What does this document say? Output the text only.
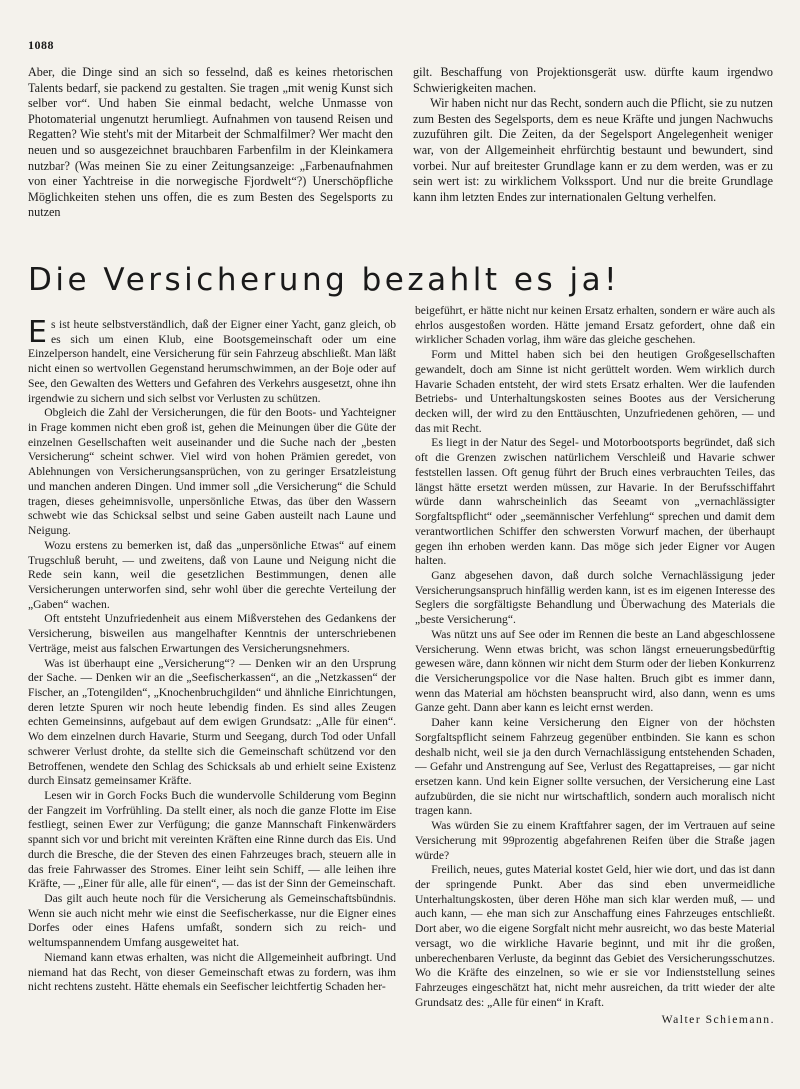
1088

Aber, die Dinge sind an sich so fesselnd, daß es keines rhetorischen Talents bedarf, sie packend zu gestalten. Sie tragen „mit wenig Kunst sich selber vor“. Und haben Sie einmal bedacht, welche Unmasse von Photomaterial ungenutzt herumliegt. Aufnahmen von tausend Reisen und Regatten? Wie steht's mit der Mitarbeit der Schmalfilmer? Wer macht den neuen und so ausgezeichnet brauchbaren Farbenfilm in der Kleinkamera nutzbar? (Was meinen Sie zu einer Zeitungsanzeige: „Farbenaufnahmen von einer Yachtreise in die norwegische Fjordwelt“?) Unerschöpfliche Möglichkeiten stehen uns offen, die es zum Besten des Segelsports zu nutzen

gilt. Beschaffung von Projektionsgerät usw. dürfte kaum irgendwo Schwierigkeiten machen.

Wir haben nicht nur das Recht, sondern auch die Pflicht, sie zu nutzen zum Besten des Segelsports, dem es neue Kräfte und jungen Nachwuchs zuzuführen gilt. Die Zeiten, da der Segelsport Angelegenheit weniger war, von der Allgemeinheit ehrfürchtig bestaunt und bewundert, sind vorbei. Nur auf breitester Grundlage kann er zu dem werden, was er zu sein wert ist: zu wirklichem Volkssport. Und nur die breite Grundlage kann ihm letzten Endes zur internationalen Geltung verhelfen.

Die Versicherung bezahlt es ja!

Es ist heute selbstverständlich, daß der Eigner einer Yacht, ganz gleich, ob es sich um einen Klub, eine Bootsgemeinschaft oder um eine Einzelperson handelt, eine Versicherung für sein Fahrzeug abschließt. Man läßt nicht einen so wertvollen Gegenstand herumschwimmen, an der Boje oder auf See, den Gewalten des Wetters und Gefahren des Verkehrs ausgesetzt, ohne ihn irgendwie zu sichern und sich selbst vor Verlusten zu schützen.

Obgleich die Zahl der Versicherungen, die für den Boots- und Yachteigner in Frage kommen nicht eben groß ist, gehen die Meinungen über die Güte der einzelnen Gesellschaften weit auseinander und die Suche nach der „besten Versicherung“ scheint schwer. Viel wird von hohen Prämien geredet, von Ablehnungen von Versicherungsansprüchen, von zu geringer Ersatzleistung und manchen anderen Dingen. Und immer soll „die Versicherung“ die Schuld tragen, dieses geheimnisvolle, unpersönliche Etwas, das über den Wassern schwebt wie das Schicksal selbst und seine Gaben austeilt nach Laune und Neigung.

Wozu erstens zu bemerken ist, daß das „unpersönliche Etwas“ auf einem Trugschluß beruht, — und zweitens, daß von Laune und Neigung nicht die Rede sein kann, weil die gesetzlichen Bestimmungen, denen alle Versicherungen unterworfen sind, sehr wohl über die gerechte Verteilung der „Gaben“ wachen.

Oft entsteht Unzufriedenheit aus einem Mißverstehen des Gedankens der Versicherung, bisweilen aus mangelhafter Kenntnis der unterschriebenen Verträge, meist aus falschen Erwartungen des Versicherungsnehmers.

Was ist überhaupt eine „Versicherung“? — Denken wir an den Ursprung der Sache. — Denken wir an die „Seefischerkassen“, an die „Netzkassen“ der Fischer, an „Totengilden“, „Knochenbruchgilden“ und ähnliche Einrichtungen, deren letzte Spuren wir noch heute lebendig finden. Es sind alles Zeugen echten Gemeinsinns, aufgebaut auf dem ewigen Grundsatz: „Alle für einen“. Wo dem einzelnen durch Havarie, Sturm und Seegang, durch Tod oder Unfall schwerer Verlust drohte, da stellte sich die Gemeinschaft schützend vor den Betroffenen, wendete den Schlag des Schicksals ab und erhielt seine Existenz durch Einsatz gemeinsamer Kräfte.

Lesen wir in Gorch Focks Buch die wundervolle Schilderung vom Beginn der Fangzeit im Vorfrühling. Da stellt einer, als noch die ganze Flotte im Eise festliegt, seinen Ewer zur Verfügung; die ganze Mannschaft Finkenwärders spannt sich vor und bricht mit vereinten Kräften eine Rinne durch das Eis. Und durch die Bresche, die der Steven des einen Fahrzeuges brach, steuern alle in das freie Fahrwasser des Stromes. Einer leiht sein Schiff, — alle leihen ihre Kräfte, — „Einer für alle, alle für einen“, — das ist der Sinn der Gemeinschaft.

Das gilt auch heute noch für die Versicherung als Gemeinschaftsbündnis. Wenn sie auch nicht mehr wie einst die Seefischerkasse, nur die Eigner eines Dorfes oder eines Hafens umfaßt, sondern sich zu reich- und weltumspannendem Umfang ausgeweitet hat.

Niemand kann etwas erhalten, was nicht die Allgemeinheit aufbringt. Und niemand hat das Recht, von dieser Gemeinschaft etwas zu fordern, was ihm nicht rechtens zusteht. Hätte ehemals ein Seefischer leichtfertig Schaden her-

beigeführt, er hätte nicht nur keinen Ersatz erhalten, sondern er wäre auch als ehrlos ausgestoßen worden. Hätte jemand Ersatz gefordert, ohne daß ein wirklicher Schaden vorlag, ihm wäre das gleiche geschehen.

Form und Mittel haben sich bei den heutigen Großgesellschaften gewandelt, doch am Sinne ist nicht gerüttelt worden. Wem wirklich durch Havarie Schaden entsteht, der wird stets Ersatz erhalten. Wer die laufenden Betriebs- und Unterhaltungskosten seines Bootes aus der Versicherung decken will, der wird zu den Enttäuschten, Unzufriedenen gehören, — und das mit Recht.

Es liegt in der Natur des Segel- und Motorbootsports begründet, daß sich oft die Grenzen zwischen natürlichem Verschleiß und Havarie schwer feststellen lassen. Oft genug führt der Bruch eines verbrauchten Teiles, das längst hätte ersetzt werden müssen, zur Havarie. In der Berufsschiffahrt würde dann wahrscheinlich das Seeamt von „vernachlässigter Sorgfaltspflicht“ oder „seemännischer Verfehlung“ sprechen und damit dem verantwortlichen Schiffer den schwersten Vorwurf machen, der überhaupt gegen ihn erhoben werden kann. Das möge sich jeder Eigner vor Augen halten.

Ganz abgesehen davon, daß durch solche Vernachlässigung jeder Versicherungsanspruch hinfällig werden kann, ist es im eigenen Interesse des Seglers die sorgfältigste Behandlung und Überwachung des Materials die „beste Versicherung“.

Was nützt uns auf See oder im Rennen die beste an Land abgeschlossene Versicherung. Wenn etwas bricht, was schon längst erneuerungsbedürftig gewesen wäre, dann können wir nicht dem Sturm oder der lieben Konkurrenz die Versicherungspolice vor die Nase halten. Bruch gibt es immer dann, wenn das Material am höchsten beansprucht wird, also dann, wenn es ums Ganze geht. Dann aber kann es leicht ernst werden.

Daher kann keine Versicherung den Eigner von der höchsten Sorgfaltspflicht seinem Fahrzeug gegenüber entbinden. Sie kann es schon deshalb nicht, weil sie ja den durch Vernachlässigung entstehenden Schaden, — Gefahr und Anstrengung auf See, Verlust des Regattapreises, — gar nicht ersetzen kann. Und kein Eigner sollte versuchen, der Versicherung eine Last aufzubürden, die sie nicht nur wirtschaftlich, sondern auch moralisch nicht tragen kann.

Was würden Sie zu einem Kraftfahrer sagen, der im Vertrauen auf seine Versicherung mit 99prozentig abgefahrenen Reifen über die Straße jagen würde?

Freilich, neues, gutes Material kostet Geld, hier wie dort, und das ist dann der springende Punkt. Aber das sind eben unvermeidliche Unterhaltungskosten, über deren Höhe man sich klar werden muß, — und auch kann, — ehe man sich zur Anschaffung eines Fahrzeuges entschließt. Dort aber, wo die eigene Sorgfalt nicht mehr ausreicht, wo das beste Material versagt, wo die wirkliche Havarie beginnt, und mit ihr die großen, unberechenbaren Verluste, da beginnt das Gebiet des Versicherungsschutzes. Wo die Kräfte des einzelnen, so wie er sie vor Indienststellung seines Fahrzeuges eingeschätzt hat, nicht mehr ausreichen, da tritt wieder der alte Grundsatz des: „Alle für einen“ in Kraft.

Walter Schiemann.
